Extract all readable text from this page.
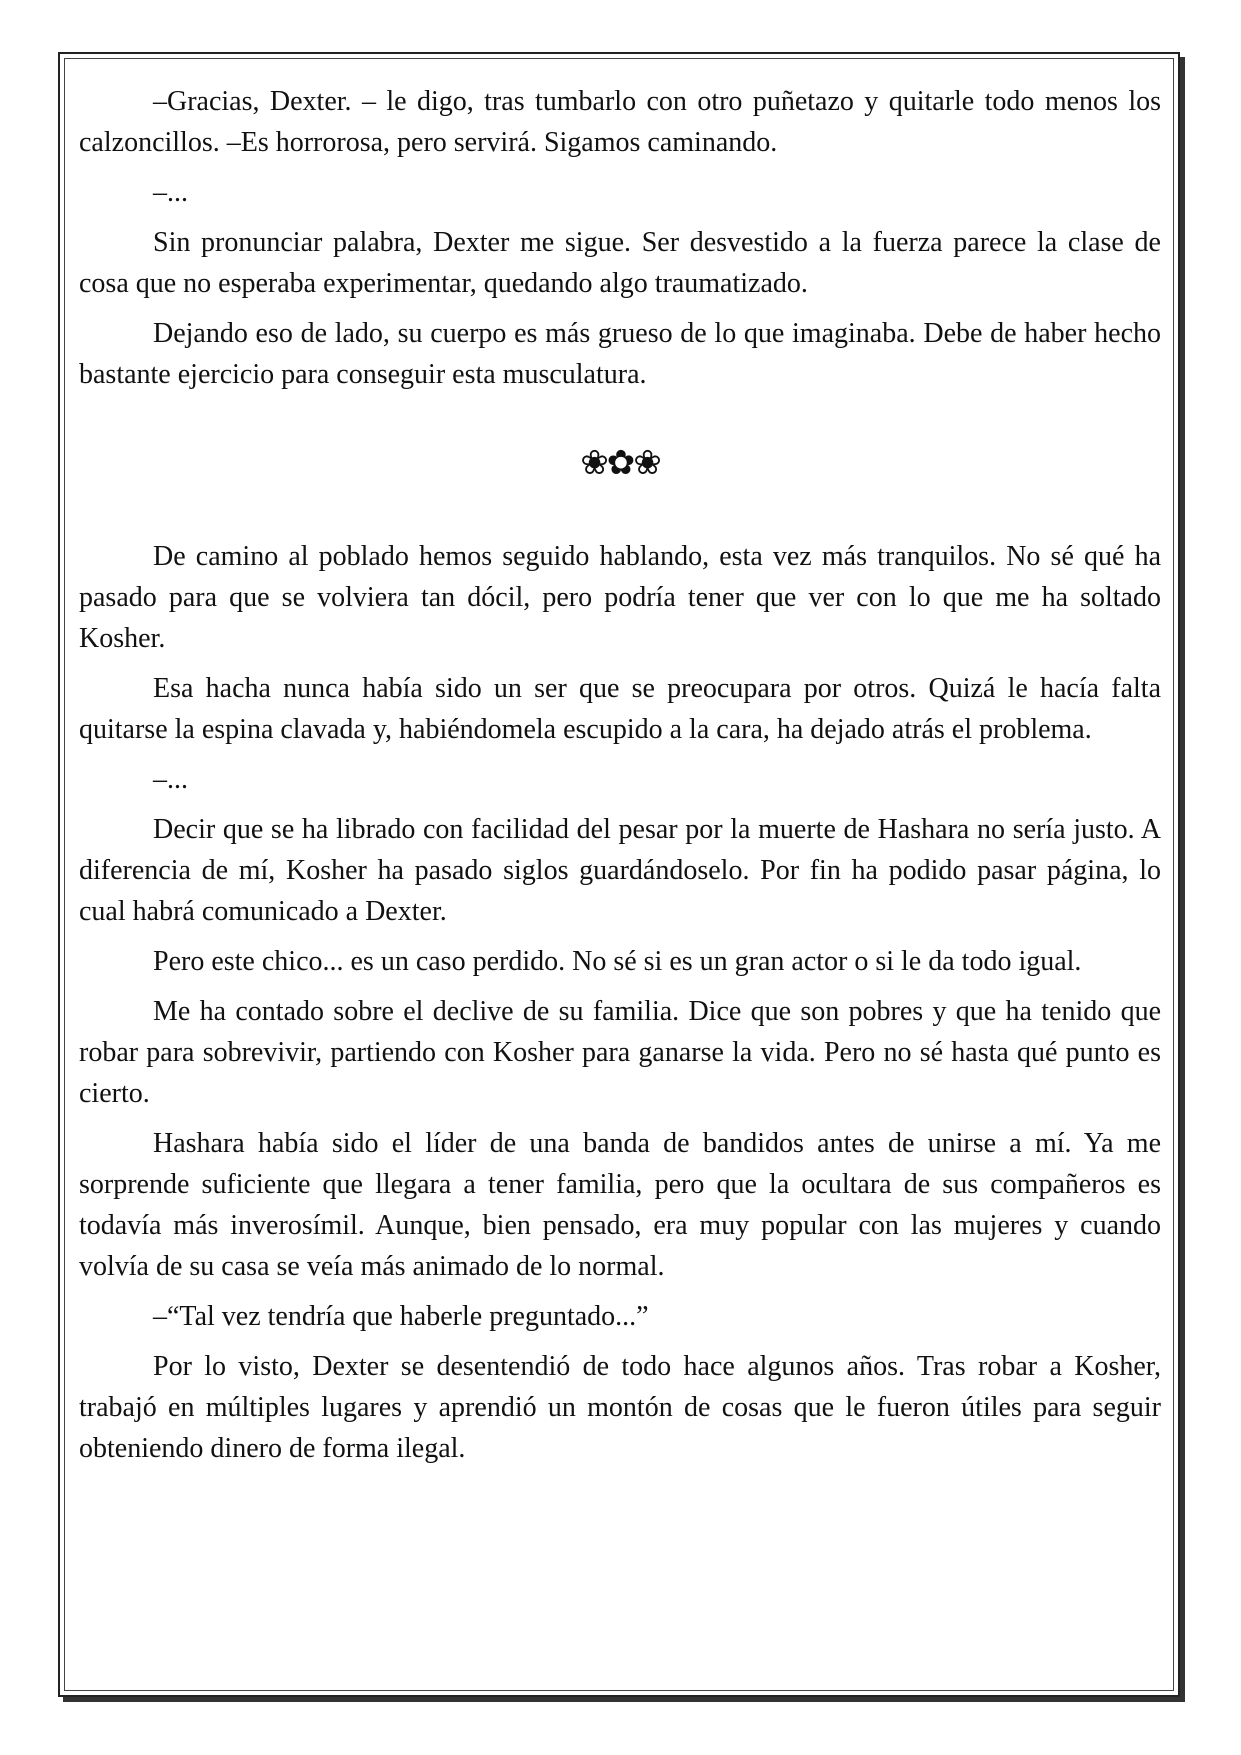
–Gracias, Dexter. – le digo, tras tumbarlo con otro puñetazo y quitarle todo menos los calzoncillos. –Es horrorosa, pero servirá. Sigamos caminando.

–...

Sin pronunciar palabra, Dexter me sigue. Ser desvestido a la fuerza parece la clase de cosa que no esperaba experimentar, quedando algo traumatizado.

Dejando eso de lado, su cuerpo es más grueso de lo que imaginaba. Debe de haber hecho bastante ejercicio para conseguir esta musculatura.

❀✿❀

De camino al poblado hemos seguido hablando, esta vez más tranquilos. No sé qué ha pasado para que se volviera tan dócil, pero podría tener que ver con lo que me ha soltado Kosher.

Esa hacha nunca había sido un ser que se preocupara por otros. Quizá le hacía falta quitarse la espina clavada y, habiéndomela escupido a la cara, ha dejado atrás el problema.

–...

Decir que se ha librado con facilidad del pesar por la muerte de Hashara no sería justo. A diferencia de mí, Kosher ha pasado siglos guardándoselo. Por fin ha podido pasar página, lo cual habrá comunicado a Dexter.

Pero este chico... es un caso perdido. No sé si es un gran actor o si le da todo igual.

Me ha contado sobre el declive de su familia. Dice que son pobres y que ha tenido que robar para sobrevivir, partiendo con Kosher para ganarse la vida. Pero no sé hasta qué punto es cierto.

Hashara había sido el líder de una banda de bandidos antes de unirse a mí. Ya me sorprende suficiente que llegara a tener familia, pero que la ocultara de sus compañeros es todavía más inverosímil. Aunque, bien pensado, era muy popular con las mujeres y cuando volvía de su casa se veía más animado de lo normal.

–“Tal vez tendría que haberle preguntado...”

Por lo visto, Dexter se desentendió de todo hace algunos años. Tras robar a Kosher, trabajó en múltiples lugares y aprendió un montón de cosas que le fueron útiles para seguir obteniendo dinero de forma ilegal.
